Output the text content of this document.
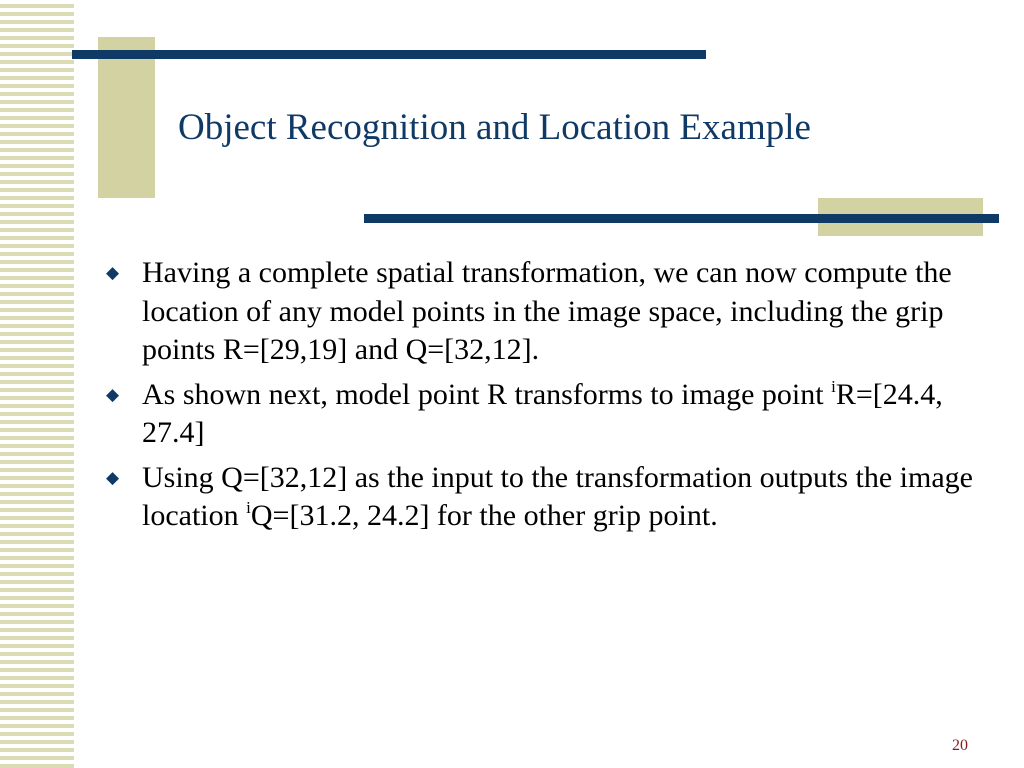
Object Recognition and Location Example
◆ Having a complete spatial transformation, we can now compute the location of any model points in the image space, including the grip points R=[29,19] and Q=[32,12].
◆ As shown next, model point R transforms to image point $^i$R=[24.4, 27.4]
◆ Using Q=[32,12] as the input to the transformation outputs the image location $^i$Q=[31.2, 24.2] for the other grip point.
20
